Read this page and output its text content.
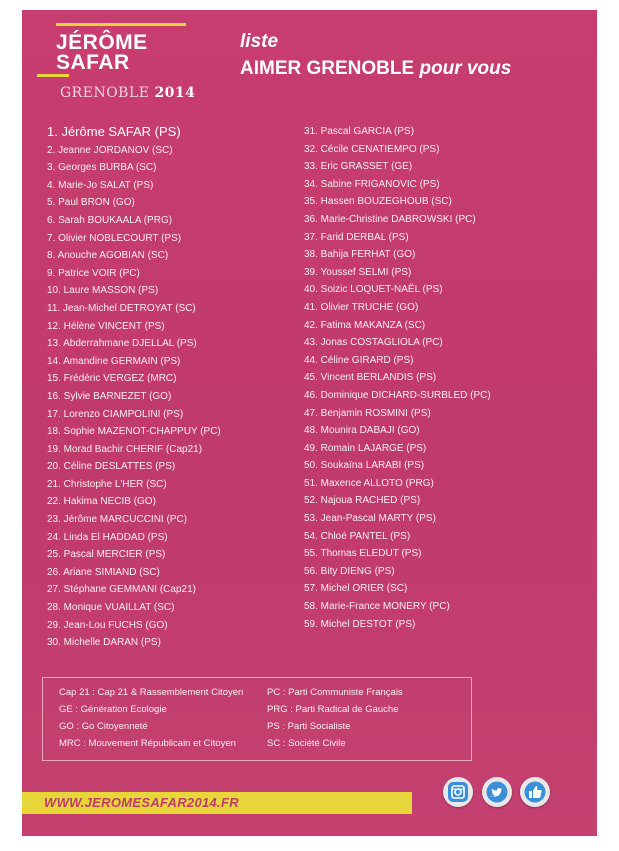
JÉRÔME
SAFAR
GRENOBLE 2014
liste
AIMER GRENOBLE pour vous
1. Jérôme SAFAR (PS)
2. Jeanne JORDANOV (SC)
3. Georges BURBA (SC)
4. Marie-Jo SALAT (PS)
5. Paul BRON (GO)
6. Sarah BOUKAALA (PRG)
7. Olivier NOBLECOURT (PS)
8. Anouche AGOBIAN (SC)
9. Patrice VOIR (PC)
10. Laure MASSON (PS)
11. Jean-Michel DETROYAT (SC)
12. Hélène VINCENT (PS)
13. Abderrahmane DJELLAL (PS)
14. Amandine GERMAIN (PS)
15. Frédéric VERGEZ (MRC)
16. Sylvie BARNEZET (GO)
17. Lorenzo CIAMPOLINI (PS)
18. Sophie MAZENOT-CHAPPUY (PC)
19. Morad Bachir CHERIF (Cap21)
20. Céline DESLATTES (PS)
21. Christophe L'HER (SC)
22. Hakima NECIB (GO)
23. Jérôme MARCUCCINI (PC)
24. Linda El HADDAD (PS)
25. Pascal MERCIER (PS)
26. Ariane SIMIAND (SC)
27. Stéphane GEMMANI (Cap21)
28. Monique VUAILLAT (SC)
29. Jean-Lou FUCHS (GO)
30. Michelle DARAN (PS)
31. Pascal GARCIA (PS)
32. Cécile CENATIEMPO (PS)
33. Eric GRASSET (GE)
34. Sabine FRIGANOVIC (PS)
35. Hassen BOUZEGHOUB (SC)
36. Marie-Christine DABROWSKI (PC)
37. Farid DERBAL (PS)
38. Bahija FERHAT (GO)
39. Youssef SELMI (PS)
40. Soizic LOQUET-NAËL (PS)
41. Olivier TRUCHE (GO)
42. Fatima MAKANZA (SC)
43. Jonas COSTAGLIOLA (PC)
44. Céline GIRARD (PS)
45. Vincent BERLANDIS (PS)
46. Dominique DICHARD-SURBLED (PC)
47. Benjamin ROSMINI (PS)
48. Mounira DABAJI (GO)
49. Romain LAJARGE (PS)
50. Soukaïna LARABI (PS)
51. Maxence ALLOTO (PRG)
52. Najoua RACHED (PS)
53. Jean-Pascal MARTY (PS)
54. Chloé PANTEL (PS)
55. Thomas ELEDUT (PS)
56. Bity DIENG (PS)
57. Michel ORIER (SC)
58. Marie-France MONERY (PC)
59. Michel DESTOT (PS)
Cap 21 : Cap 21 & Rassemblement Citoyen
GE : Génération Ecologie
GO : Go Citoyenneté
MRC : Mouvement Républicain et Citoyen
PC : Parti Communiste Français
PRG : Parti Radical de Gauche
PS : Parti Socialiste
SC : Société Civile
WWW.JEROMESAFAR2014.FR
